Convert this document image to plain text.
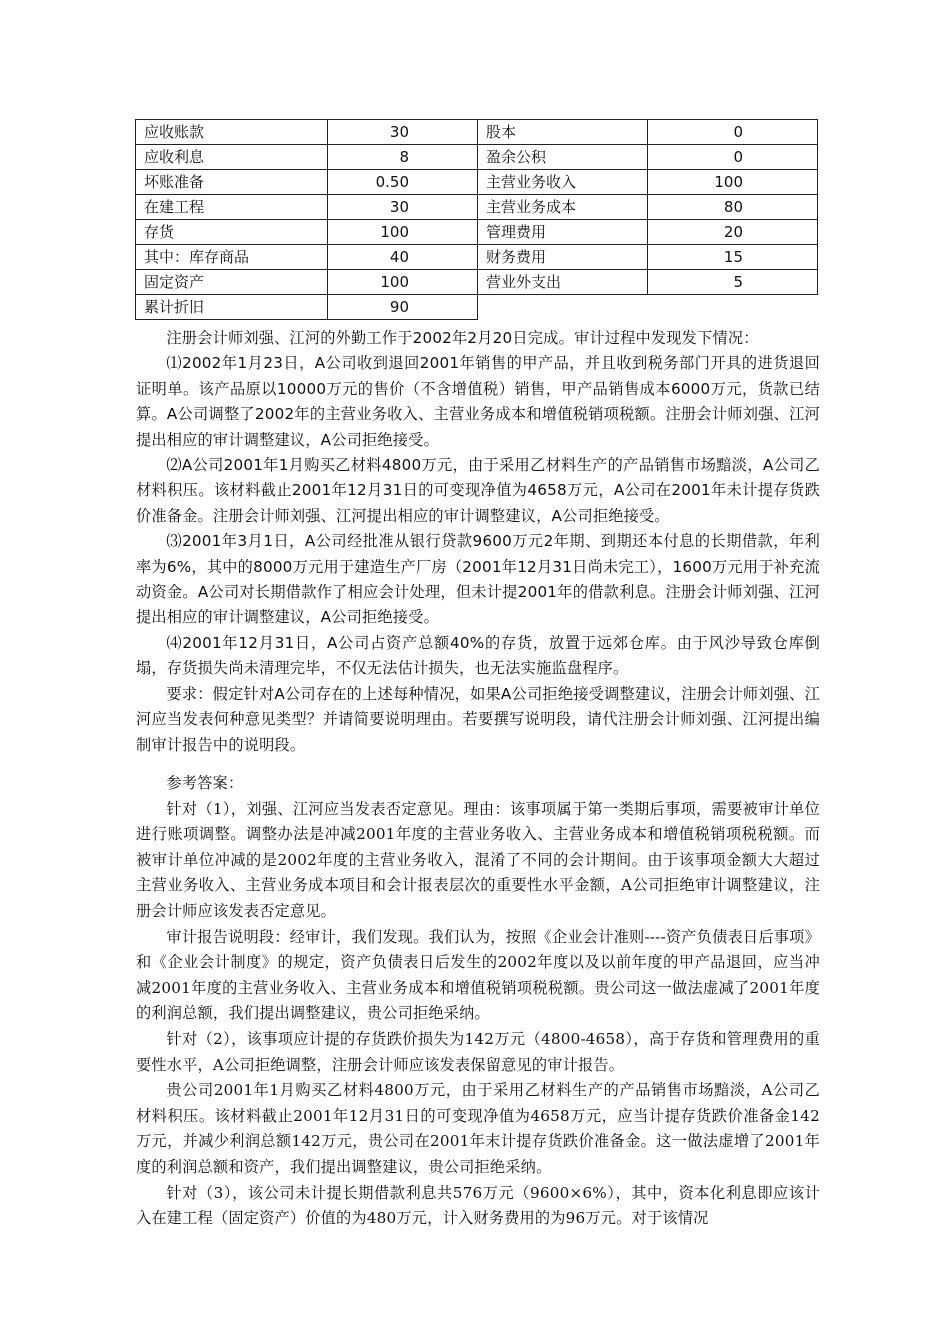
应收账款	30	股本	0
应收利息	8	盈余公积	0
坏账准备	0.50	主营业务收入	100
在建工程	30	主营业务成本	80
存货	100	管理费用	20
其中：库存商品	40	财务费用	15
固定资产	100	营业外支出	5
累计折旧	90		

注册会计师刘强、江河的外勤工作于2002年2月20日完成。审计过程中发现发下情况：

⑴2002年1月23日，A公司收到退回2001年销售的甲产品，并且收到税务部门开具的进货退回证明单。该产品原以10000万元的售价（不含增值税）销售，甲产品销售成本6000万元，货款已结算。A公司调整了2002年的主营业务收入、主营业务成本和增值税销项税额。注册会计师刘强、江河提出相应的审计调整建议，A公司拒绝接受。

⑵A公司2001年1月购买乙材料4800万元，由于采用乙材料生产的产品销售市场黯淡，A公司乙材料积压。该材料截止2001年12月31日的可变现净值为4658万元，A公司在2001年未计提存货跌价准备金。注册会计师刘强、江河提出相应的审计调整建议，A公司拒绝接受。

⑶2001年3月1日，A公司经批准从银行贷款9600万元2年期、到期还本付息的长期借款，年利率为6%，其中的8000万元用于建造生产厂房（2001年12月31日尚未完工），1600万元用于补充流动资金。A公司对长期借款作了相应会计处理，但未计提2001年的借款利息。注册会计师刘强、江河提出相应的审计调整建议，A公司拒绝接受。

⑷2001年12月31日，A公司占资产总额40%的存货，放置于远郊仓库。由于风沙导致仓库倒塌，存货损失尚未清理完毕，不仅无法估计损失，也无法实施监盘程序。

要求：假定针对A公司存在的上述每种情况，如果A公司拒绝接受调整建议，注册会计师刘强、江河应当发表何种意见类型？并请简要说明理由。若要撰写说明段，请代注册会计师刘强、江河提出编制审计报告中的说明段。

参考答案：

针对（1），刘强、江河应当发表否定意见。理由：该事项属于第一类期后事项，需要被审计单位进行账项调整。调整办法是冲减2001年度的主营业务收入、主营业务成本和增值税销项税税额。而被审计单位冲减的是2002年度的主营业务收入，混淆了不同的会计期间。由于该事项金额大大超过主营业务收入、主营业务成本项目和会计报表层次的重要性水平金额，A公司拒绝审计调整建议，注册会计师应该发表否定意见。

审计报告说明段：经审计，我们发现。我们认为，按照《企业会计准则----资产负债表日后事项》和《企业会计制度》的规定，资产负债表日后发生的2002年度以及以前年度的甲产品退回，应当冲减2001年度的主营业务收入、主营业务成本和增值税销项税税额。贵公司这一做法虚减了2001年度的利润总额，我们提出调整建议，贵公司拒绝采纳。

针对（2），该事项应计提的存货跌价损失为142万元（4800-4658），高于存货和管理费用的重要性水平，A公司拒绝调整，注册会计师应该发表保留意见的审计报告。

贵公司2001年1月购买乙材料4800万元，由于采用乙材料生产的产品销售市场黯淡，A公司乙材料积压。该材料截止2001年12月31日的可变现净值为4658万元，应当计提存货跌价准备金142万元，并减少利润总额142万元，贵公司在2001年末计提存货跌价准备金。这一做法虚增了2001年度的利润总额和资产，我们提出调整建议，贵公司拒绝采纳。

针对（3），该公司未计提长期借款利息共576万元（9600×6%），其中，资本化利息即应该计入在建工程（固定资产）价值的为480万元，计入财务费用的为96万元。对于该情况
